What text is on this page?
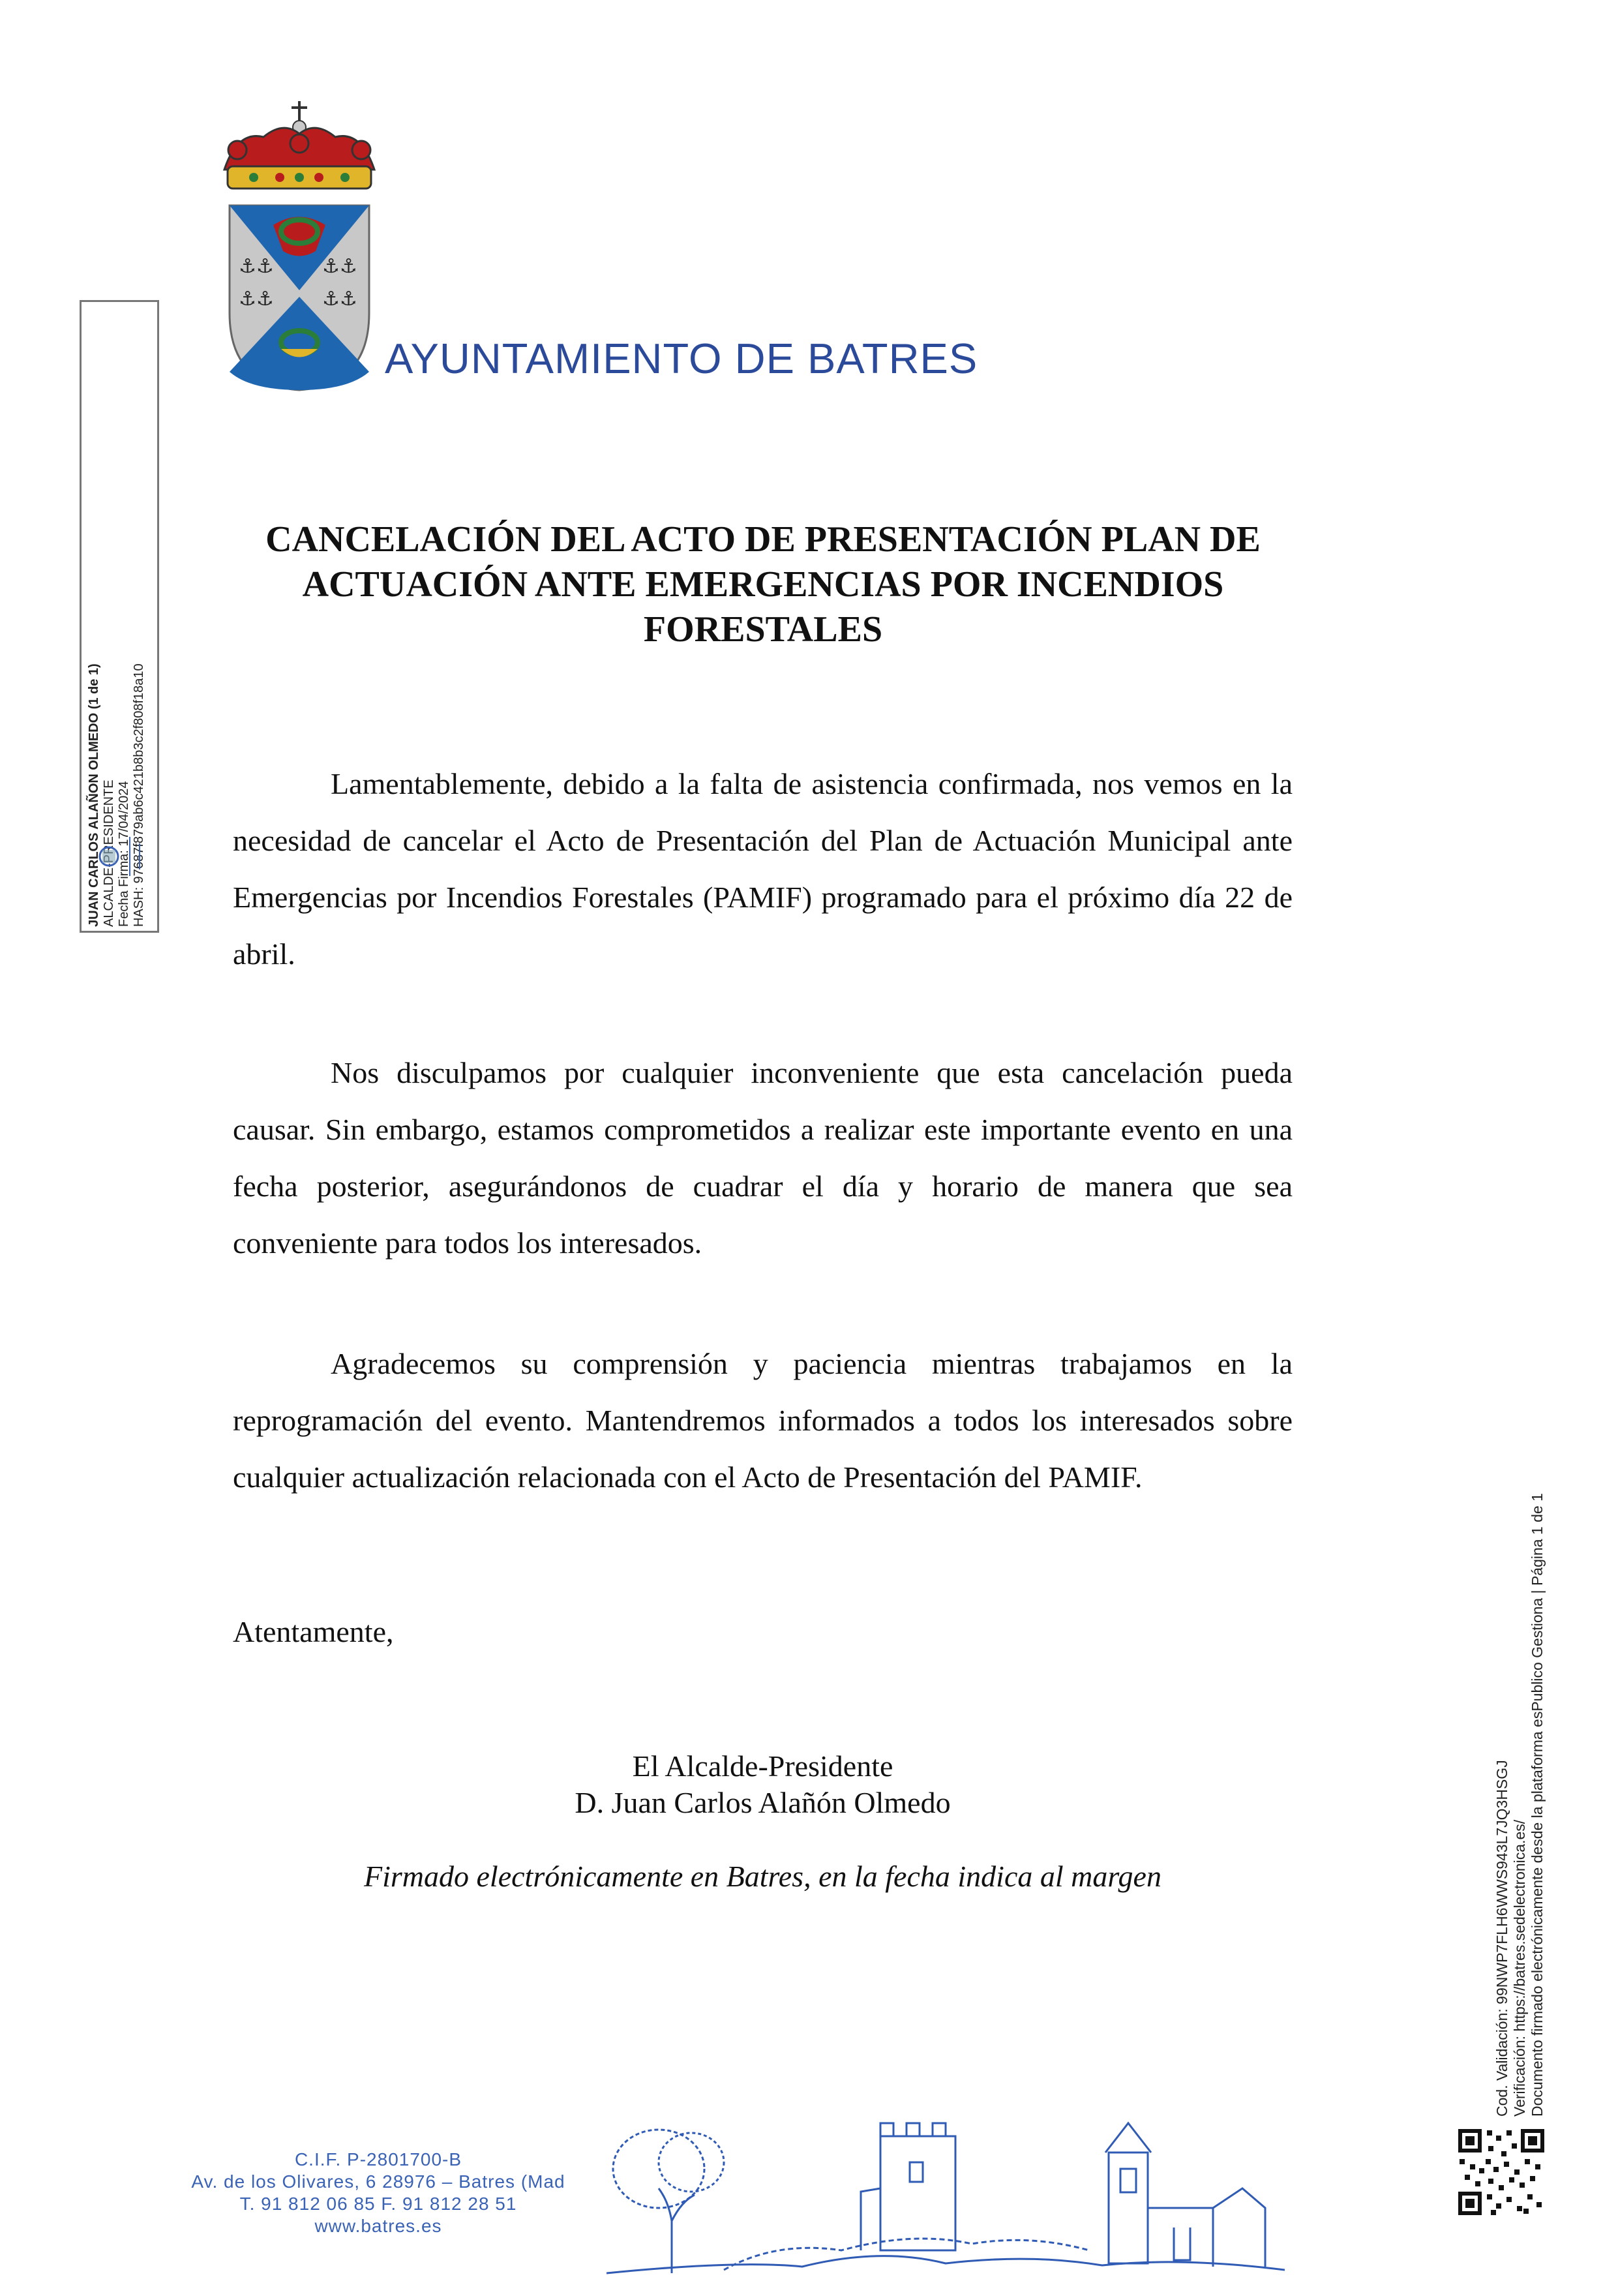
⚓⚓
⚓⚓
⚓⚓
⚓⚓
AYUNTAMIENTO DE BATRES
JUAN CARLOS ALAÑON OLMEDO (1 de 1) Fecha Firma: 17/04/2024 HASH: 97687f879ab6c421b8b3c2f808f18a10
CANCELACIÓN DEL ACTO DE PRESENTACIÓN PLAN DE
ACTUACIÓN ANTE EMERGENCIAS POR INCENDIOS
FORESTALES
Lamentablemente, debido a la falta de asistencia confirmada, nos vemos en la necesidad de cancelar el Acto de Presentación del Plan de Actuación Municipal ante Emergencias por Incendios Forestales (PAMIF) programado para el próximo día 22 de abril.
Nos disculpamos por cualquier inconveniente que esta cancelación pueda causar. Sin embargo, estamos comprometidos a realizar este importante evento en una fecha posterior, asegurándonos de cuadrar el día y horario de manera que sea conveniente para todos los interesados.
Agradecemos su comprensión y paciencia mientras trabajamos en la reprogramación del evento. Mantendremos informados a todos los interesados sobre cualquier actualización relacionada con el Acto de Presentación del PAMIF.
Atentamente,
El Alcalde-Presidente
D. Juan Carlos Alañón Olmedo
Firmado electrónicamente en Batres, en la fecha indica al margen
C.I.F. P-2801700-B
Av. de los Olivares, 6 28976 – Batres (Mad
T. 91 812 06 85 F. 91 812 28 51
www.batres.es
Cod. Validación: 99NWP7FLH6WWS943L7JQ3HSGJ Verificación: https://batres.sedelectronica.es/ Documento firmado electrónicamente desde la plataforma esPublico Gestiona | Página 1 de 1
